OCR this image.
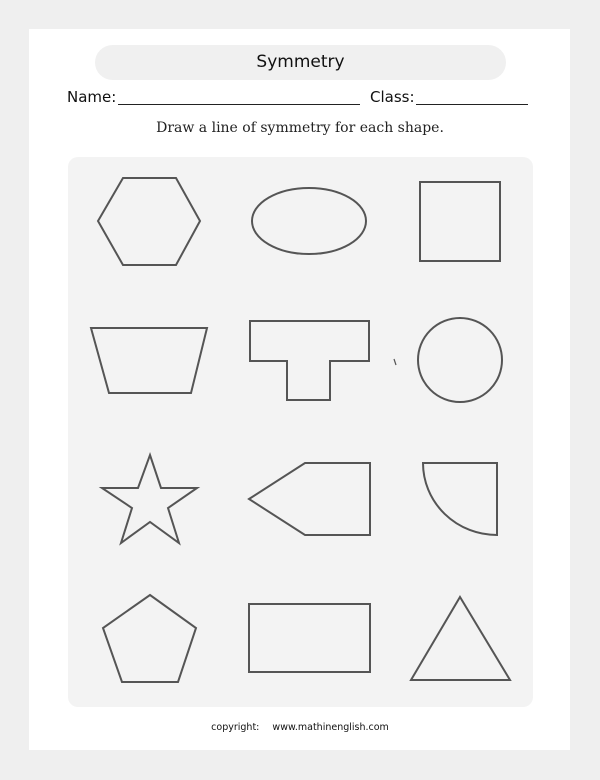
Symmetry
Name:	Class:
Draw a line of symmetry for each shape.
copyright: www.mathinenglish.com
